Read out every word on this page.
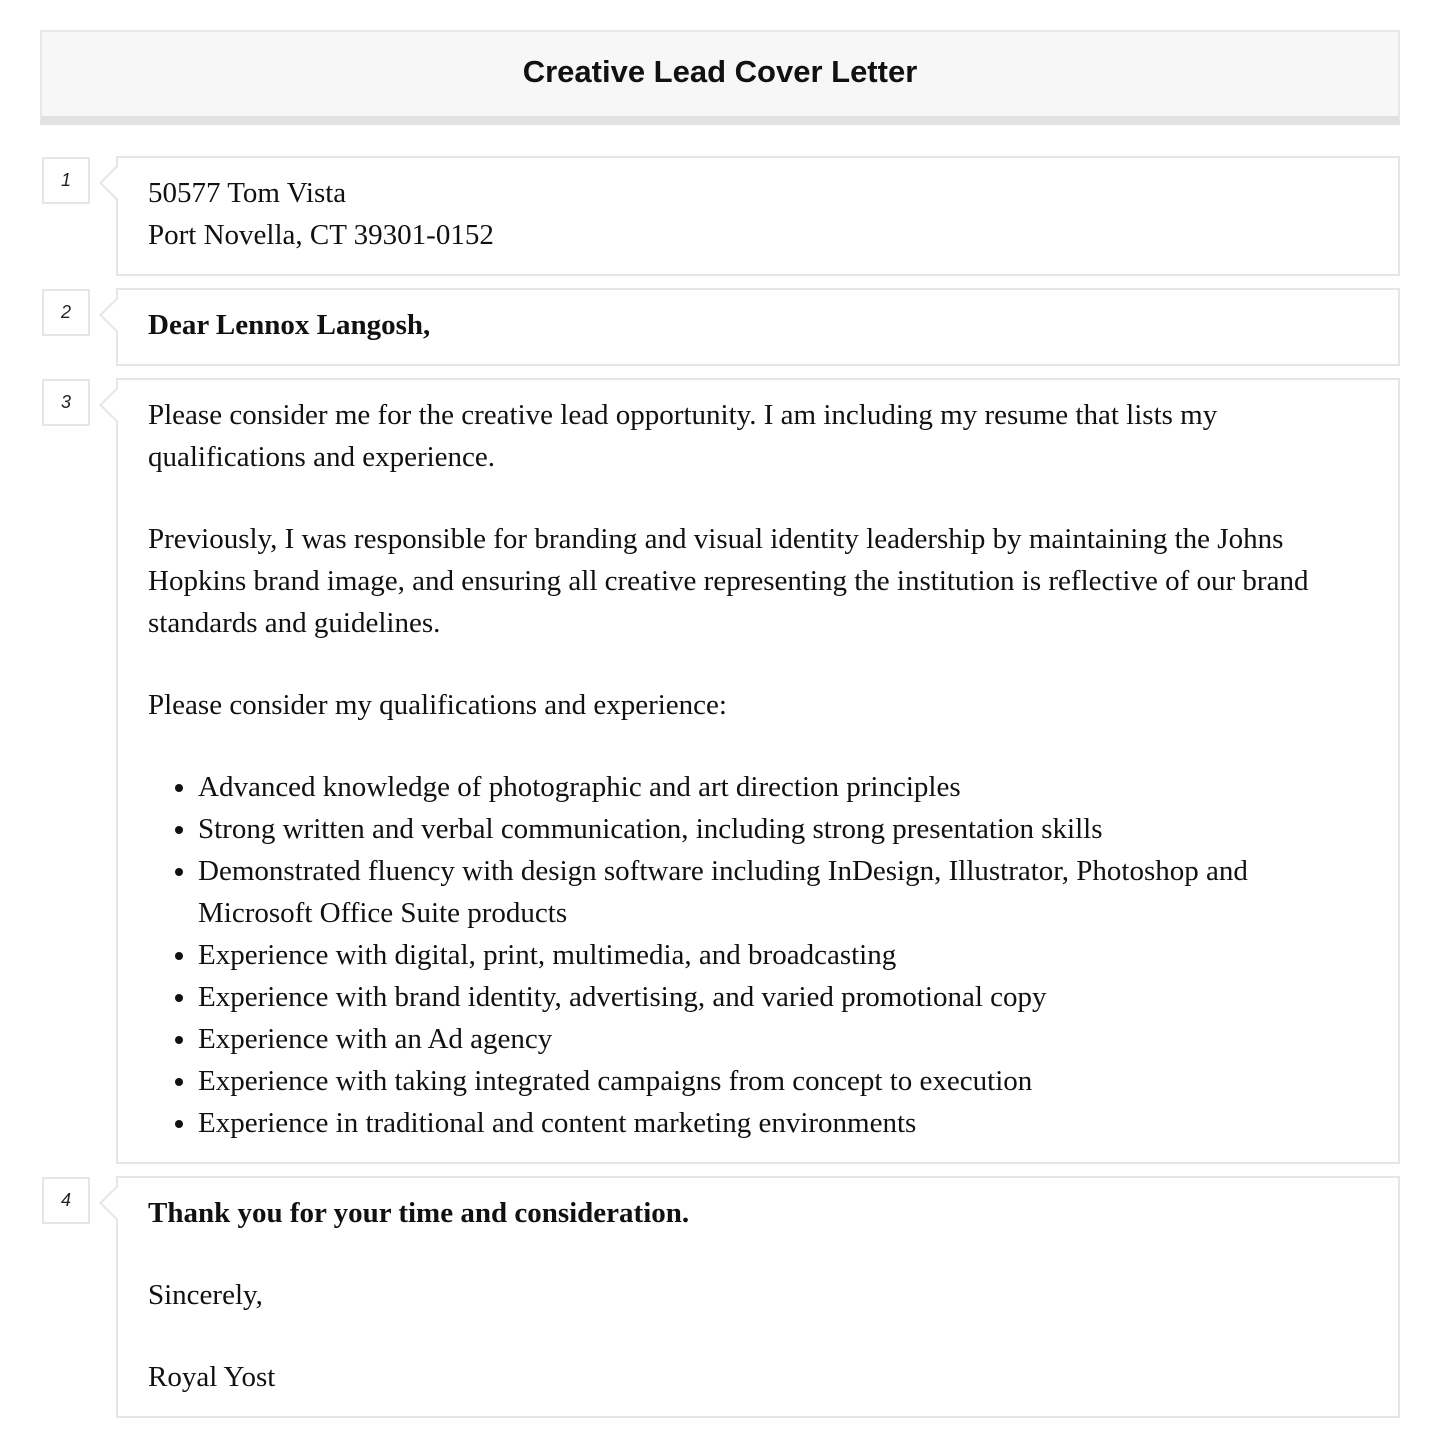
Creative Lead Cover Letter
1	50577 Tom Vista

Port Novella, CT 39301-0152

2	Dear Lennox Langosh,

3	Please consider me for the creative lead opportunity. I am including my resume that lists my qualifications and experience.

Previously, I was responsible for branding and visual identity leadership by maintaining the Johns Hopkins brand image, and ensuring all creative representing the institution is reflective of our brand standards and guidelines.

Please consider my qualifications and experience:

• Advanced knowledge of photographic and art direction principles
• Strong written and verbal communication, including strong presentation skills
• Demonstrated fluency with design software including InDesign, Illustrator, Photoshop and Microsoft Office Suite products
• Experience with digital, print, multimedia, and broadcasting
• Experience with brand identity, advertising, and varied promotional copy
• Experience with an Ad agency
• Experience with taking integrated campaigns from concept to execution
• Experience in traditional and content marketing environments
4	Thank you for your time and consideration.

Sincerely,

Royal Yost
